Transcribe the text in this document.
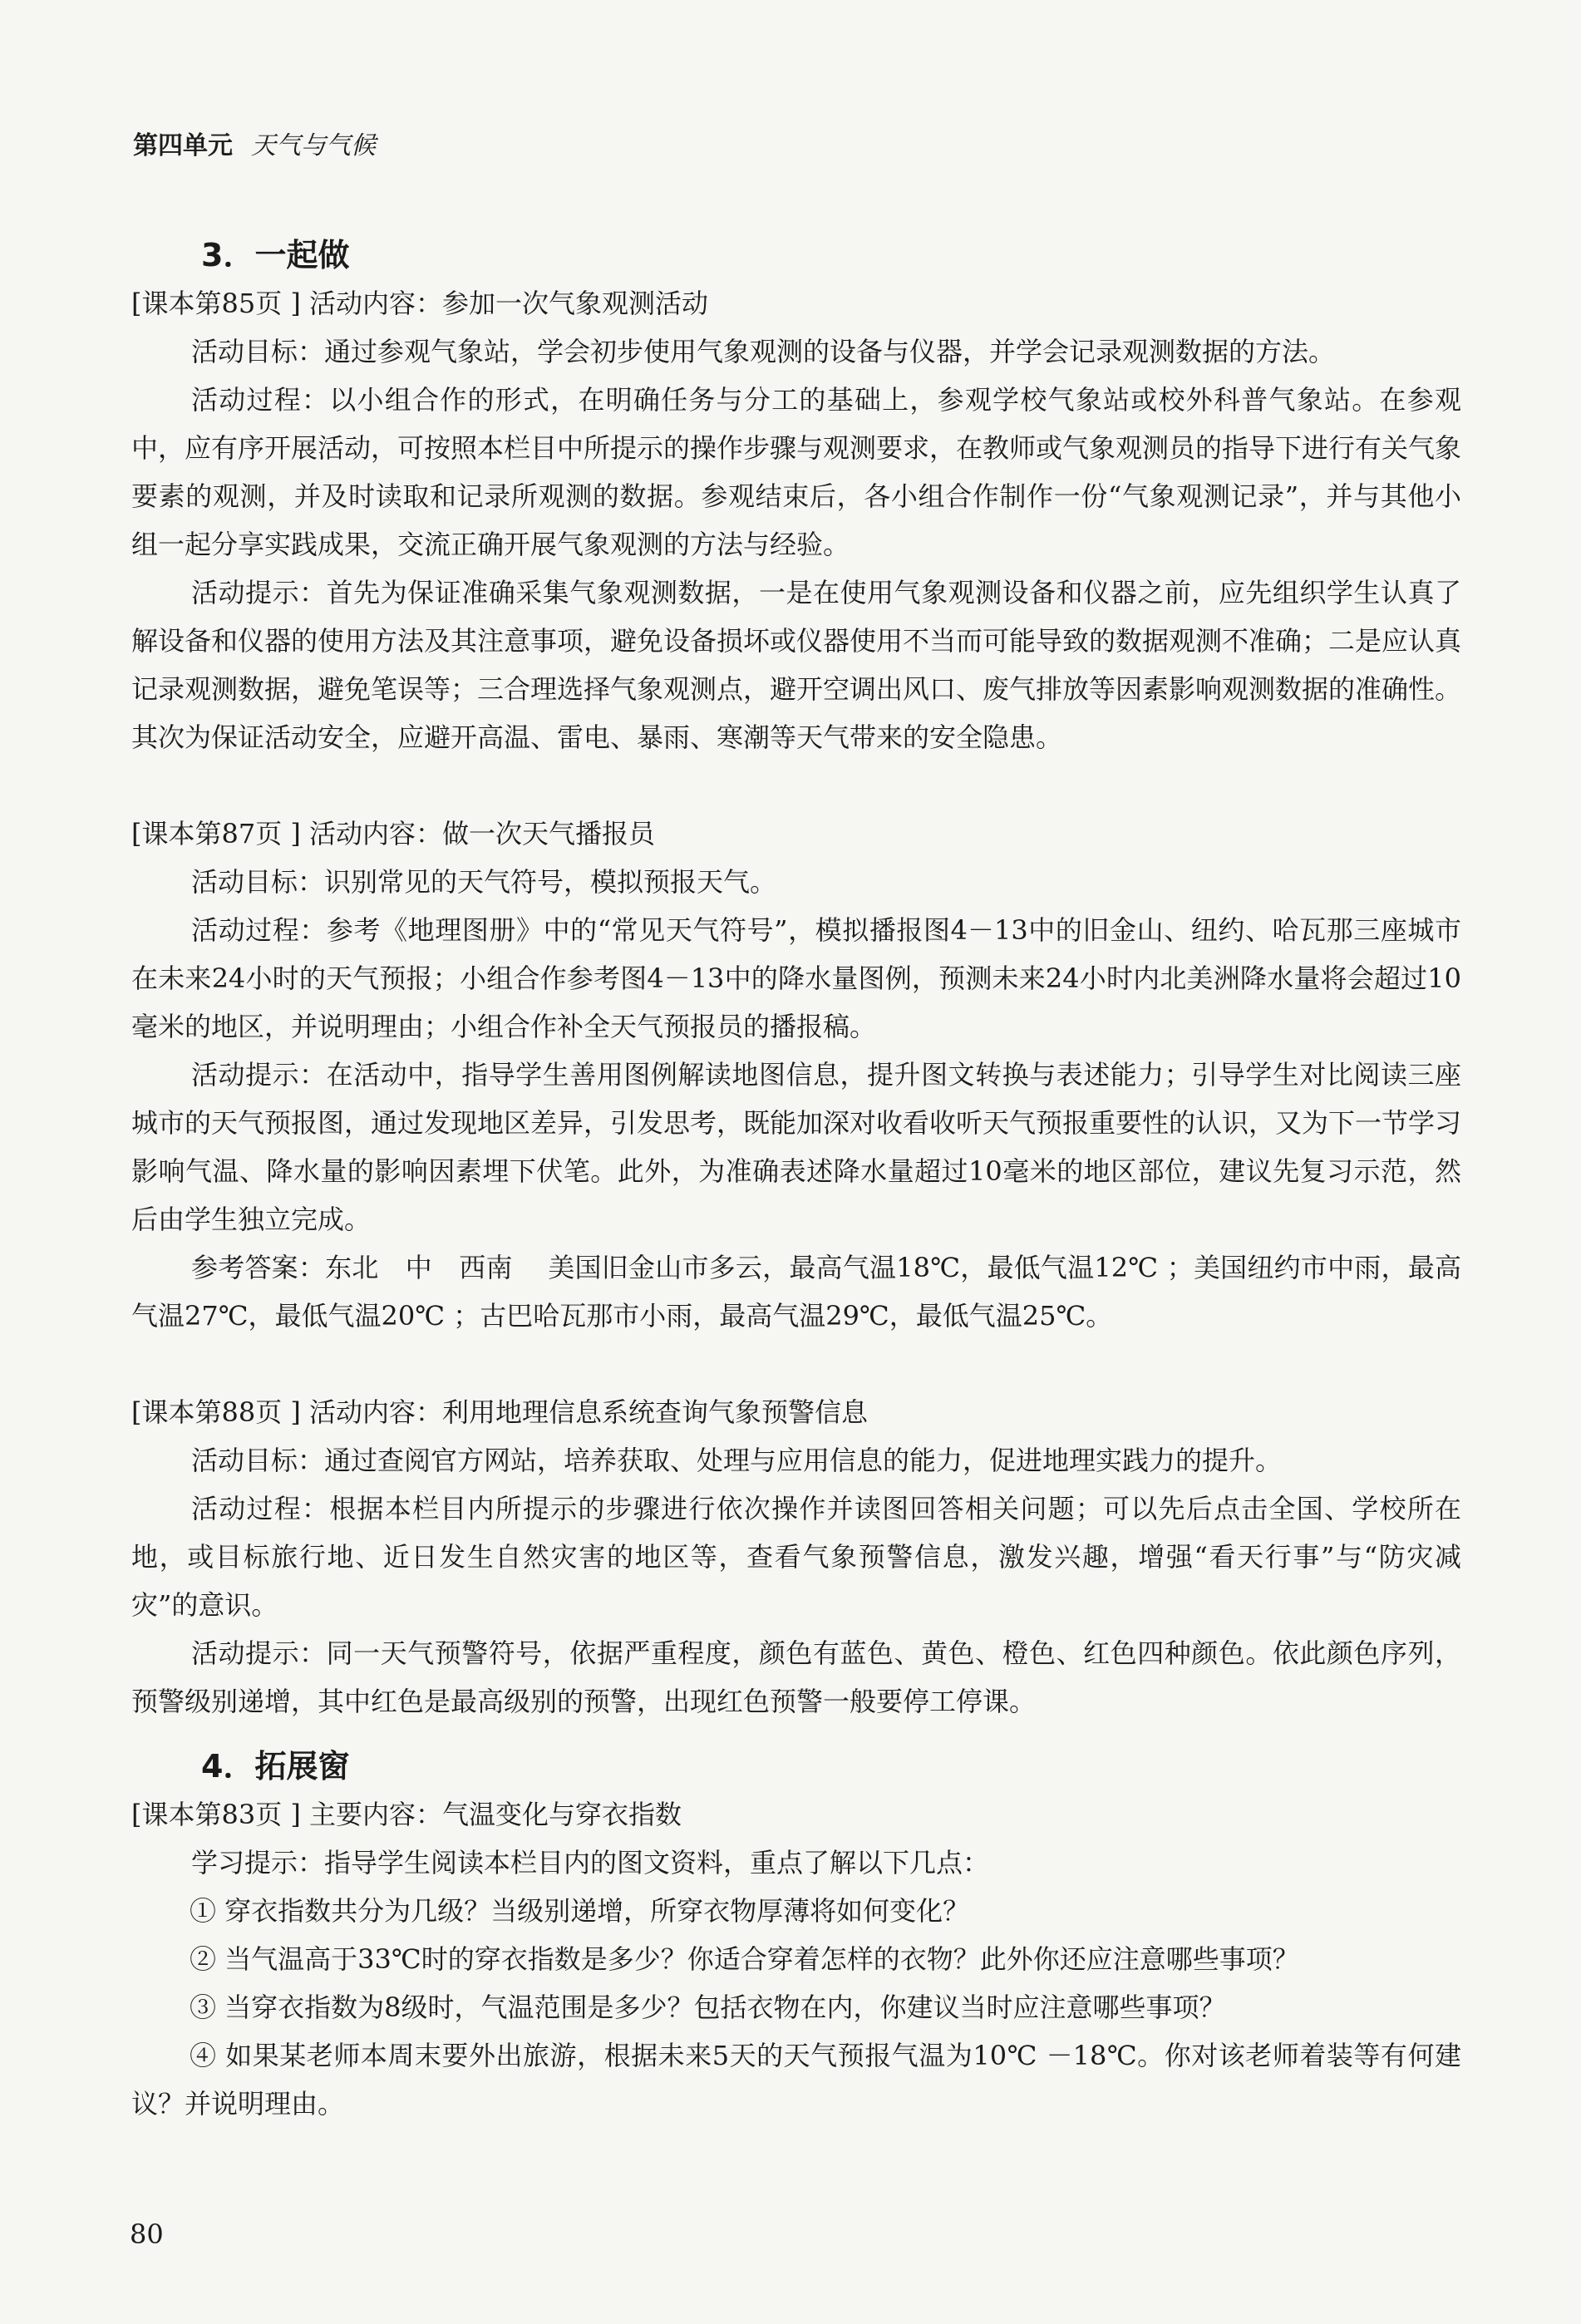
第四单元 天气与气候
3．一起做

[课本第85页 ] 活动内容：参加一次气象观测活动

活动目标：通过参观气象站，学会初步使用气象观测的设备与仪器，并学会记录观测数据的方法。

活动过程：以小组合作的形式，在明确任务与分工的基础上，参观学校气象站或校外科普气象站。在参观中，应有序开展活动，可按照本栏目中所提示的操作步骤与观测要求，在教师或气象观测员的指导下进行有关气象要素的观测，并及时读取和记录所观测的数据。参观结束后，各小组合作制作一份“气象观测记录”，并与其他小组一起分享实践成果，交流正确开展气象观测的方法与经验。

活动提示：首先为保证准确采集气象观测数据，一是在使用气象观测设备和仪器之前，应先组织学生认真了解设备和仪器的使用方法及其注意事项，避免设备损坏或仪器使用不当而可能导致的数据观测不准确；二是应认真记录观测数据，避免笔误等；三合理选择气象观测点，避开空调出风口、废气排放等因素影响观测数据的准确性。其次为保证活动安全，应避开高温、雷电、暴雨、寒潮等天气带来的安全隐患。

[课本第87页 ] 活动内容：做一次天气播报员

活动目标：识别常见的天气符号，模拟预报天气。

活动过程：参考《地理图册》中的“常见天气符号”，模拟播报图4－13中的旧金山、纽约、哈瓦那三座城市在未来24小时的天气预报；小组合作参考图4－13中的降水量图例，预测未来24小时内北美洲降水量将会超过10毫米的地区，并说明理由；小组合作补全天气预报员的播报稿。

活动提示：在活动中，指导学生善用图例解读地图信息，提升图文转换与表述能力；引导学生对比阅读三座城市的天气预报图，通过发现地区差异，引发思考，既能加深对收看收听天气预报重要性的认识，又为下一节学习影响气温、降水量的影响因素埋下伏笔。此外，为准确表述降水量超过10毫米的地区部位，建议先复习示范，然后由学生独立完成。

参考答案：东北　中　西南　 美国旧金山市多云，最高气温18℃，最低气温12℃ ；美国纽约市中雨，最高气温27℃，最低气温20℃ ；古巴哈瓦那市小雨，最高气温29℃，最低气温25℃。

[课本第88页 ] 活动内容：利用地理信息系统查询气象预警信息

活动目标：通过查阅官方网站，培养获取、处理与应用信息的能力，促进地理实践力的提升。

活动过程：根据本栏目内所提示的步骤进行依次操作并读图回答相关问题；可以先后点击全国、学校所在地，或目标旅行地、近日发生自然灾害的地区等，查看气象预警信息，激发兴趣，增强“看天行事”与“防灾减灾”的意识。

活动提示：同一天气预警符号，依据严重程度，颜色有蓝色、黄色、橙色、红色四种颜色。依此颜色序列，预警级别递增，其中红色是最高级别的预警，出现红色预警一般要停工停课。

4．拓展窗

[课本第83页 ] 主要内容：气温变化与穿衣指数

学习提示：指导学生阅读本栏目内的图文资料，重点了解以下几点：

① 穿衣指数共分为几级？当级别递增，所穿衣物厚薄将如何变化？

② 当气温高于33℃时的穿衣指数是多少？你适合穿着怎样的衣物？此外你还应注意哪些事项？

③ 当穿衣指数为8级时，气温范围是多少？包括衣物在内，你建议当时应注意哪些事项？

④ 如果某老师本周末要外出旅游，根据未来5天的天气预报气温为10℃ －18℃。你对该老师着装等有何建议？并说明理由。

80
